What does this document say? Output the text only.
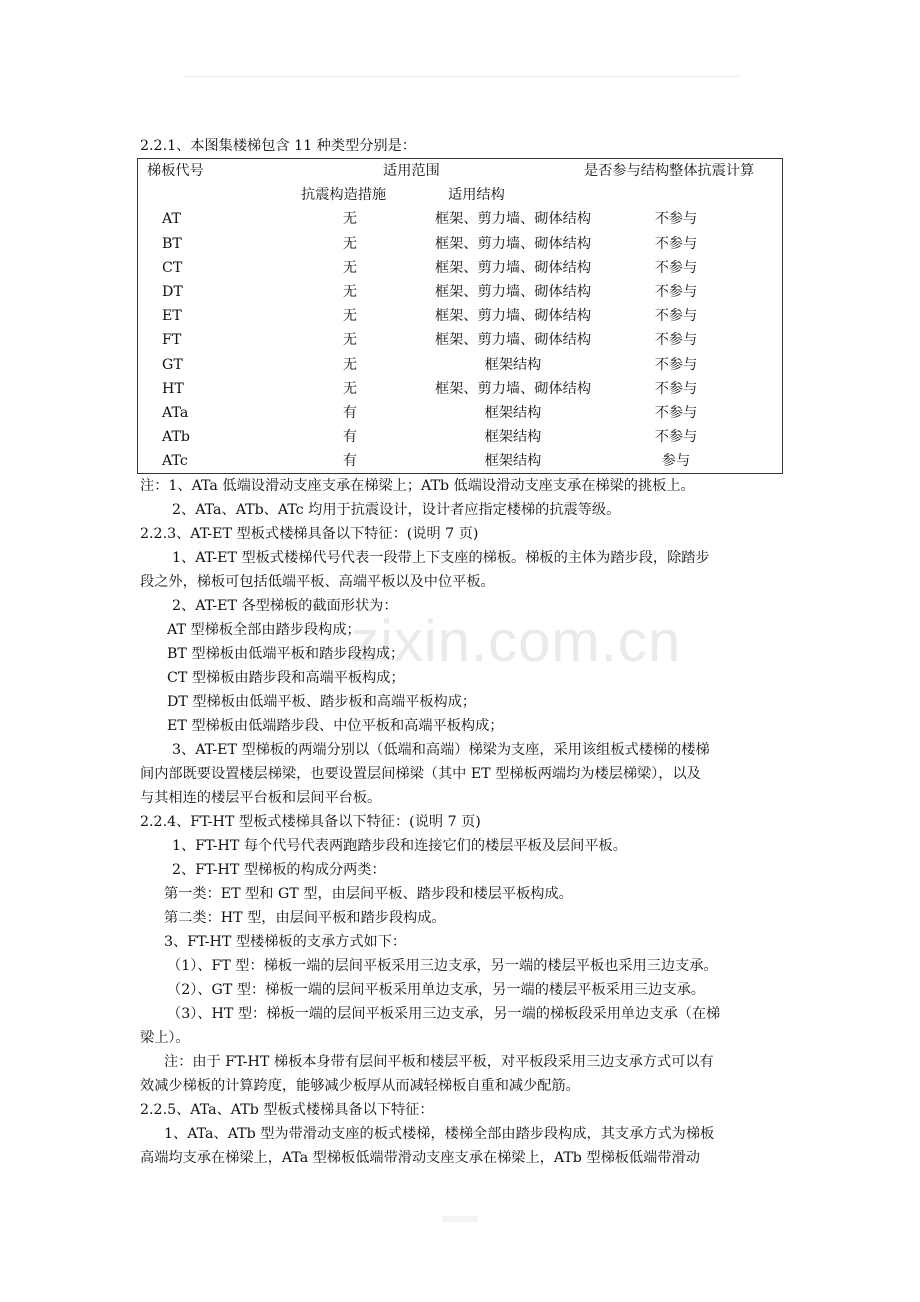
zixin.com.cn
2.2.1、本图集楼梯包含 11 种类型分别是：
梯板代号	适用范围	是否参与结构整体抗震计算
抗震构造措施	适用结构
AT	无	框架、剪力墙、砌体结构	不参与
BT	无	框架、剪力墙、砌体结构	不参与
CT	无	框架、剪力墙、砌体结构	不参与
DT	无	框架、剪力墙、砌体结构	不参与
ET	无	框架、剪力墙、砌体结构	不参与
FT	无	框架、剪力墙、砌体结构	不参与
GT	无	框架结构	不参与
HT	无	框架、剪力墙、砌体结构	不参与
ATa	有	框架结构	不参与
ATb	有	框架结构	不参与
ATc	有	框架结构	参与
注：1、ATa 低端设滑动支座支承在梯梁上；ATb 低端设滑动支座支承在梯梁的挑板上。
2、ATa、ATb、ATc 均用于抗震设计，设计者应指定楼梯的抗震等级。
2.2.3、AT-ET 型板式楼梯具备以下特征：(说明 7 页)
1、AT-ET 型板式楼梯代号代表一段带上下支座的梯板。梯板的主体为踏步段，除踏步
段之外，梯板可包括低端平板、高端平板以及中位平板。
2、AT-ET 各型梯板的截面形状为：
AT 型梯板全部由踏步段构成；
BT 型梯板由低端平板和踏步段构成；
CT 型梯板由踏步段和高端平板构成；
DT 型梯板由低端平板、踏步板和高端平板构成；
ET 型梯板由低端踏步段、中位平板和高端平板构成；
3、AT-ET 型梯板的两端分别以（低端和高端）梯梁为支座，采用该组板式楼梯的楼梯
间内部既要设置楼层梯梁，也要设置层间梯梁（其中 ET 型梯板两端均为楼层梯梁），以及
与其相连的楼层平台板和层间平台板。
2.2.4、FT-HT 型板式楼梯具备以下特征：(说明 7 页)
1、FT-HT 每个代号代表两跑踏步段和连接它们的楼层平板及层间平板。
2、FT-HT 型梯板的构成分两类：
第一类：ET 型和 GT 型，由层间平板、踏步段和楼层平板构成。
第二类：HT 型，由层间平板和踏步段构成。
3、FT-HT 型楼梯板的支承方式如下：
（1）、FT 型：梯板一端的层间平板采用三边支承，另一端的楼层平板也采用三边支承。
（2）、GT 型：梯板一端的层间平板采用单边支承，另一端的楼层平板采用三边支承。
（3）、HT 型：梯板一端的层间平板采用三边支承，另一端的梯板段采用单边支承（在梯
梁上）。
注：由于 FT-HT 梯板本身带有层间平板和楼层平板，对平板段采用三边支承方式可以有
效减少梯板的计算跨度，能够减少板厚从而减轻梯板自重和减少配筋。
2.2.5、ATa、ATb 型板式楼梯具备以下特征：
1、ATa、ATb 型为带滑动支座的板式楼梯，楼梯全部由踏步段构成，其支承方式为梯板
高端均支承在梯梁上，ATa 型梯板低端带滑动支座支承在梯梁上，ATb 型梯板低端带滑动
